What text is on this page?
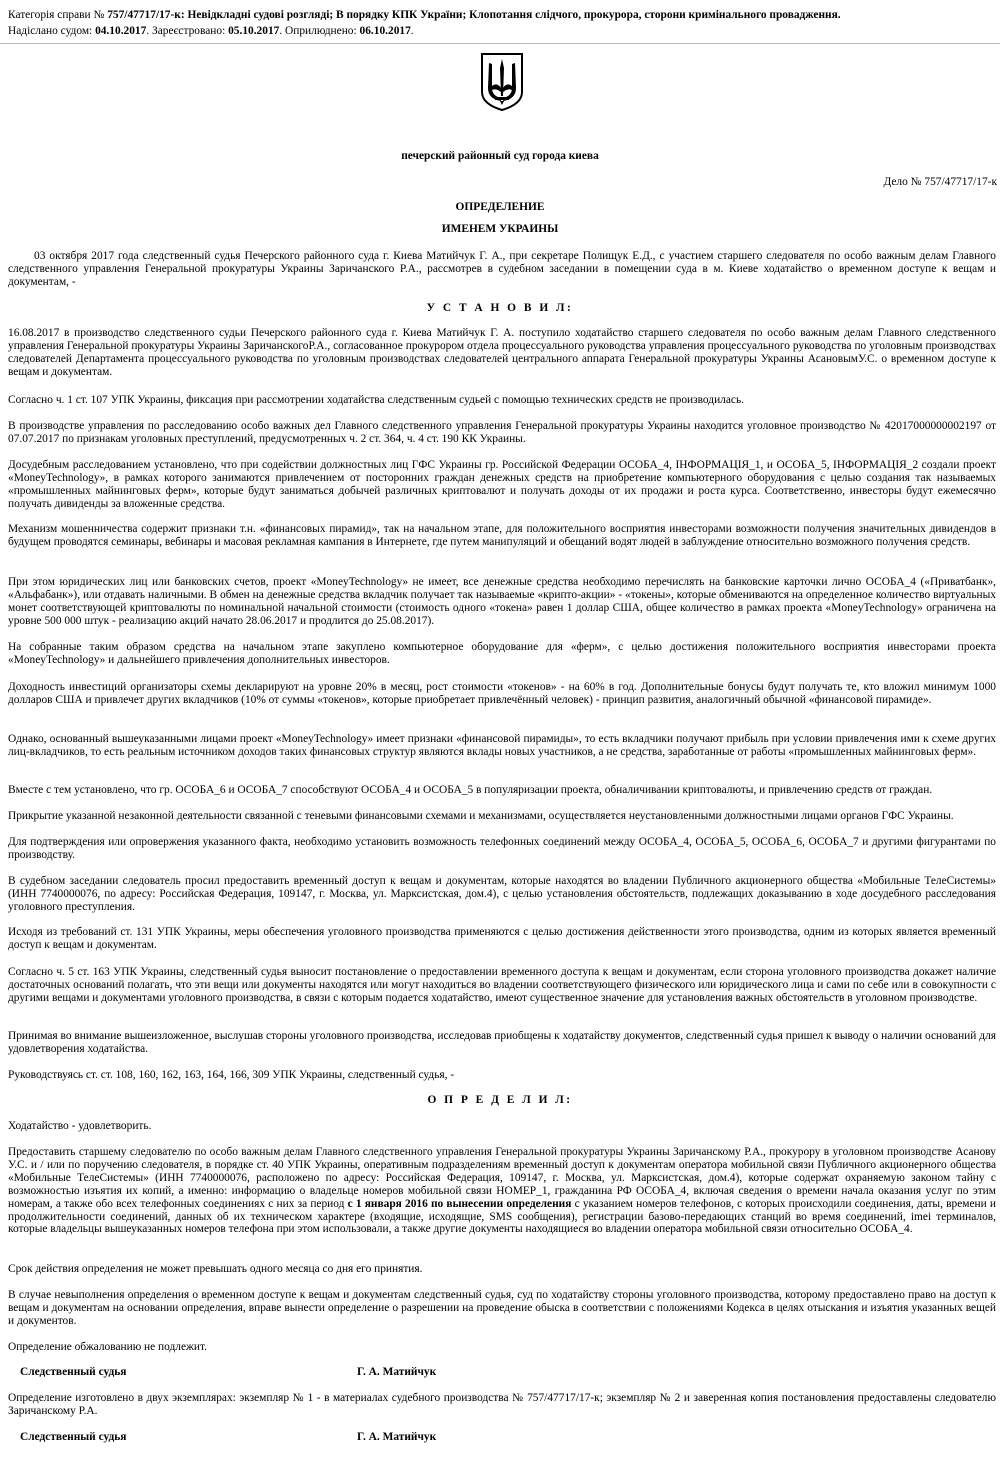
Категорія справи № 757/47717/17-к: Невідкладні судові розгляді; В порядку КПК України; Клопотання слідчого, прокурора, сторони кримінального провадження.
Надіслано судом: 04.10.2017. Зареєстровано: 05.10.2017. Оприлюднено: 06.10.2017.
печерский районный суд города киева
Дело № 757/47717/17-к
ОПРЕДЕЛЕНИЕ
ИМЕНЕМ УКРАИНЫ

03 октября 2017 года следственный судья Печерского районного суда г. Киева Матийчук Г. А., при секретаре Полищук Е.Д., с участием старшего следователя по особо важным делам Главного следственного управления Генеральной прокуратуры Украины Заричанского Р.А., рассмотрев в судебном заседании в помещении суда в м. Киеве ходатайство о временном доступе к вещам и документам, -

У С Т А Н О В И Л:

16.08.2017 в производство следственного судьи Печерского районного суда г. Киева Матийчук Г. А. поступило ходатайство старшего следователя по особо важным делам Главного следственного управления Генеральной прокуратуры Украины ЗаричанскогоР.А., согласованное прокурором отдела процессуального руководства управления процессуального руководства по уголовным производствах следователей Департамента процессуального руководства по уголовным производствах следователей центрального аппарата Генеральной прокуратуры Украины АсановымУ.С. о временном доступе к вещам и документам.

Согласно ч. 1 ст. 107 УПК Украины, фиксация при рассмотрении ходатайства следственным судьей с помощью технических средств не производилась.

В производстве управления по расследованию особо важных дел Главного следственного управления Генеральной прокуратуры Украины находится уголовное производство № 42017000000002197 от 07.07.2017 по признакам уголовных преступлений, предусмотренных ч. 2 ст. 364, ч. 4 ст. 190 КК Украины.

Досудебным расследованием установлено, что при содействии должностных лиц ГФС Украины гр. Российской Федерации ОСОБА_4, ІНФОРМАЦІЯ_1, и ОСОБА_5, ІНФОРМАЦІЯ_2 создали проект «MoneyTechnology», в рамках которого занимаются привлечением от посторонних граждан денежных средств на приобретение компьютерного оборудования с целью создания так называемых «промышленных майнинговых ферм», которые будут заниматься добычей различных криптовалют и получать доходы от их продажи и роста курса. Соответственно, инвесторы будут ежемесячно получать дивиденды за вложенные средства.

Механизм мошенничества содержит признаки т.н. «финансовых пирамид», так на начальном этапе, для положительного восприятия инвесторами возможности получения значительных дивидендов в будущем проводятся семинары, вебинары и масовая рекламная кампания в Интернете, где путем манипуляций и обещаний водят людей в заблуждение относительно возможного получения средств.

При этом юридических лиц или банковских счетов, проект «MoneyTechnology» не имеет, все денежные средства необходимо перечислять на банковские карточки лично ОСОБА_4 («Приватбанк», «Альфабанк»), или отдавать наличными. В обмен на денежные средства вкладчик получает так называемые «крипто-акции» - «токены», которые обмениваются на определенное количество виртуальных монет соответствующей криптовалюты по номинальной начальной стоимости (стоимость одного «токена» равен 1 доллар США, общее количество в рамках проекта «MoneyTechnology» ограничена на уровне 500 000 штук - реализацию акций начато 28.06.2017 и продлится до 25.08.2017).

На собранные таким образом средства на начальном этапе закуплено компьютерное оборудование для «ферм», с целью достижения положительного восприятия инвесторами проекта «MoneyTechnology» и дальнейшего привлечения дополнительных инвесторов.

Доходность инвестиций организаторы схемы декларируют на уровне 20% в месяц, рост стоимости «токенов» - на 60% в год. Дополнительные бонусы будут получать те, кто вложил минимум 1000 долларов США и привлечет других вкладчиков (10% от суммы «токенов», которые приобретает привлечённый человек) - принцип развития, аналогичный обычной «финансовой пирамиде».

Однако, основанный вышеуказанными лицами проект «MoneyTechnology» имеет признаки «финансовой пирамиды», то есть вкладчики получают прибыль при условии привлечения ими к схеме других лиц-вкладчиков, то есть реальным источником доходов таких финансовых структур являются вклады новых участников, а не средства, заработанные от работы «промышленных майнинговых ферм».

Вместе с тем установлено, что гр. ОСОБА_6 и ОСОБА_7 способствуют ОСОБА_4 и ОСОБА_5 в популяризации проекта, обналичивании криптовалюты, и привлечению средств от граждан.

Прикрытие указанной незаконной деятельности связанной с теневыми финансовыми схемами и механизмами, осуществляется неустановленными должностными лицами органов ГФС Украины.

Для подтверждения или опровержения указанного факта, необходимо установить возможность телефонных соединений между ОСОБА_4, ОСОБА_5, ОСОБА_6, ОСОБА_7 и другими фигурантами по производству.

В судебном заседании следователь просил предоставить временный доступ к вещам и документам, которые находятся во владении Публичного акционерного общества «Мобильные ТелеСистемы» (ИНН 7740000076, по адресу: Российская Федерация, 109147, г. Москва, ул. Марксистская, дом.4), с целью установления обстоятельств, подлежащих доказыванию в ходе досудебного расследования уголовного преступления.

Исходя из требований ст. 131 УПК Украины, меры обеспечения уголовного производства применяются с целью достижения действенности этого производства, одним из которых является временный доступ к вещам и документам.

Согласно ч. 5 ст. 163 УПК Украины, следственный судья выносит постановление о предоставлении временного доступа к вещам и документам, если сторона уголовного производства докажет наличие достаточных оснований полагать, что эти вещи или документы находятся или могут находиться во владении соответствующего физического или юридического лица и сами по себе или в совокупности с другими вещами и документами уголовного производства, в связи с которым подается ходатайство, имеют существенное значение для установления важных обстоятельств в уголовном производстве.

Принимая во внимание вышеизложенное, выслушав стороны уголовного производства, исследовав приобщены к ходатайству документов, следственный судья пришел к выводу о наличии оснований для удовлетворения ходатайства.

Руководствуясь ст. ст. 108, 160, 162, 163, 164, 166, 309 УПК Украины, следственный судья, -

О П Р Е Д Е Л И Л:

Ходатайство - удовлетворить.

Предоставить старшему следователю по особо важным делам Главного следственного управления Генеральной прокуратуры Украины Заричанскому Р.А., прокурору в уголовном производстве Асанову У.С. и / или по поручению следователя, в порядке ст. 40 УПК Украины, оперативным подразделениям временный доступ к документам оператора мобильной связи Публичного акционерного общества «Мобильные ТелеСистемы» (ИНН 7740000076, расположено по адресу: Российская Федерация, 109147, г. Москва, ул. Марксистская, дом.4), которые содержат охраняемую законом тайну с возможностью изъятия их копий, а именно: информацию о владельце номеров мобильной связи НОМЕР_1, гражданина РФ ОСОБА_4, включая сведения о времени начала оказания услуг по этим номерам, а также обо всех телефонных соединениях с них за период с 1 января 2016 по вынесении определения с указанием номеров телефонов, с которых происходили соединения, даты, времени и продолжительности соединений, данных об их техническом характере (входящие, исходящие, SMS сообщения), регистрации базово-передающих станций во время соединений, imei терминалов, которые владельцы вышеуказанных номеров телефона при этом использовали, а также другие документы находящиеся во владении оператора мобильной связи относительно ОСОБА_4.

Срок действия определения не может превышать одного месяца со дня его принятия.

В случае невыполнения определения о временном доступе к вещам и документам следственный судья, суд по ходатайству стороны уголовного производства, которому предоставлено право на доступ к вещам и документам на основании определения, вправе вынести определение о разрешении на проведение обыска в соответствии с положениями Кодекса в целях отыскания и изъятия указанных вещей и документов.

Определение обжалованию не подлежит.

Следственный судья	Г. А. Матийчук

Определение изготовлено в двух экземплярах: экземпляр № 1 - в материалах судебного производства № 757/47717/17-к; экземпляр № 2 и заверенная копия постановления предоставлены следователю Заричанскому Р.А.

Следственный судья	Г. А. Матийчук
